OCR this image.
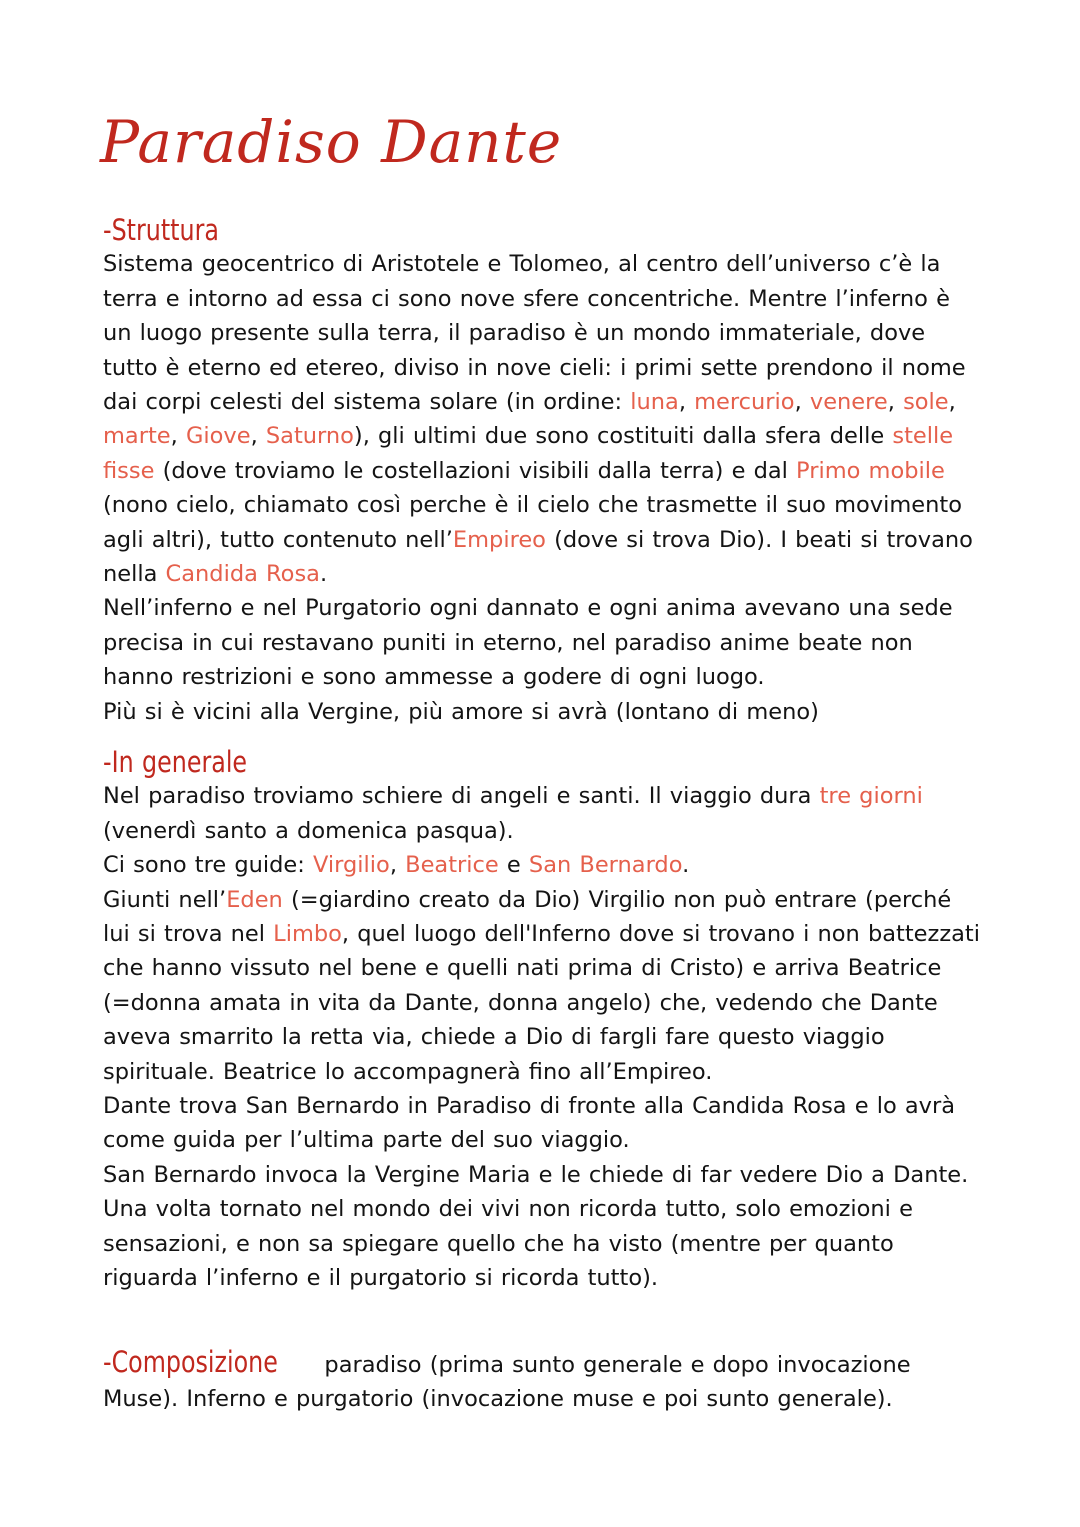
Paradiso Dante
-Struttura

Sistema geocentrico di Aristotele e Tolomeo, al centro dell’universo c’è la terra e intorno ad essa ci sono nove sfere concentriche. Mentre l’inferno è un luogo presente sulla terra, il paradiso è un mondo immateriale, dove tutto è eterno ed etereo, diviso in nove cieli: i primi sette prendono il nome dai corpi celesti del sistema solare (in ordine: luna, mercurio, venere, sole, marte, Giove, Saturno), gli ultimi due sono costituiti dalla sfera delle stelle fisse (dove troviamo le costellazioni visibili dalla terra) e dal Primo mobile (nono cielo, chiamato così perche è il cielo che trasmette il suo movimento agli altri), tutto contenuto nell’Empireo (dove si trova Dio). I beati si trovano nella Candida Rosa.

Nell’inferno e nel Purgatorio ogni dannato e ogni anima avevano una sede precisa in cui restavano puniti in eterno, nel paradiso anime beate non hanno restrizioni e sono ammesse a godere di ogni luogo.

Più si è vicini alla Vergine, più amore si avrà (lontano di meno)

-In generale

Nel paradiso troviamo schiere di angeli e santi. Il viaggio dura tre giorni (venerdì santo a domenica pasqua).

Ci sono tre guide: Virgilio, Beatrice e San Bernardo.

Giunti nell’Eden (=giardino creato da Dio) Virgilio non può entrare (perché lui si trova nel Limbo, quel luogo dell'Inferno dove si trovano i non battezzati che hanno vissuto nel bene e quelli nati prima di Cristo) e arriva Beatrice (=donna amata in vita da Dante, donna angelo) che, vedendo che Dante aveva smarrito la retta via, chiede a Dio di fargli fare questo viaggio spirituale. Beatrice lo accompagnerà fino all’Empireo.

Dante trova San Bernardo in Paradiso di fronte alla Candida Rosa e lo avrà come guida per l’ultima parte del suo viaggio.

San Bernardo invoca la Vergine Maria e le chiede di far vedere Dio a Dante. Una volta tornato nel mondo dei vivi non ricorda tutto, solo emozioni e sensazioni, e non sa spiegare quello che ha visto (mentre per quanto riguarda l’inferno e il purgatorio si ricorda tutto).

-Composizione paradiso (prima sunto generale e dopo invocazione Muse). Inferno e purgatorio (invocazione muse e poi sunto generale).
